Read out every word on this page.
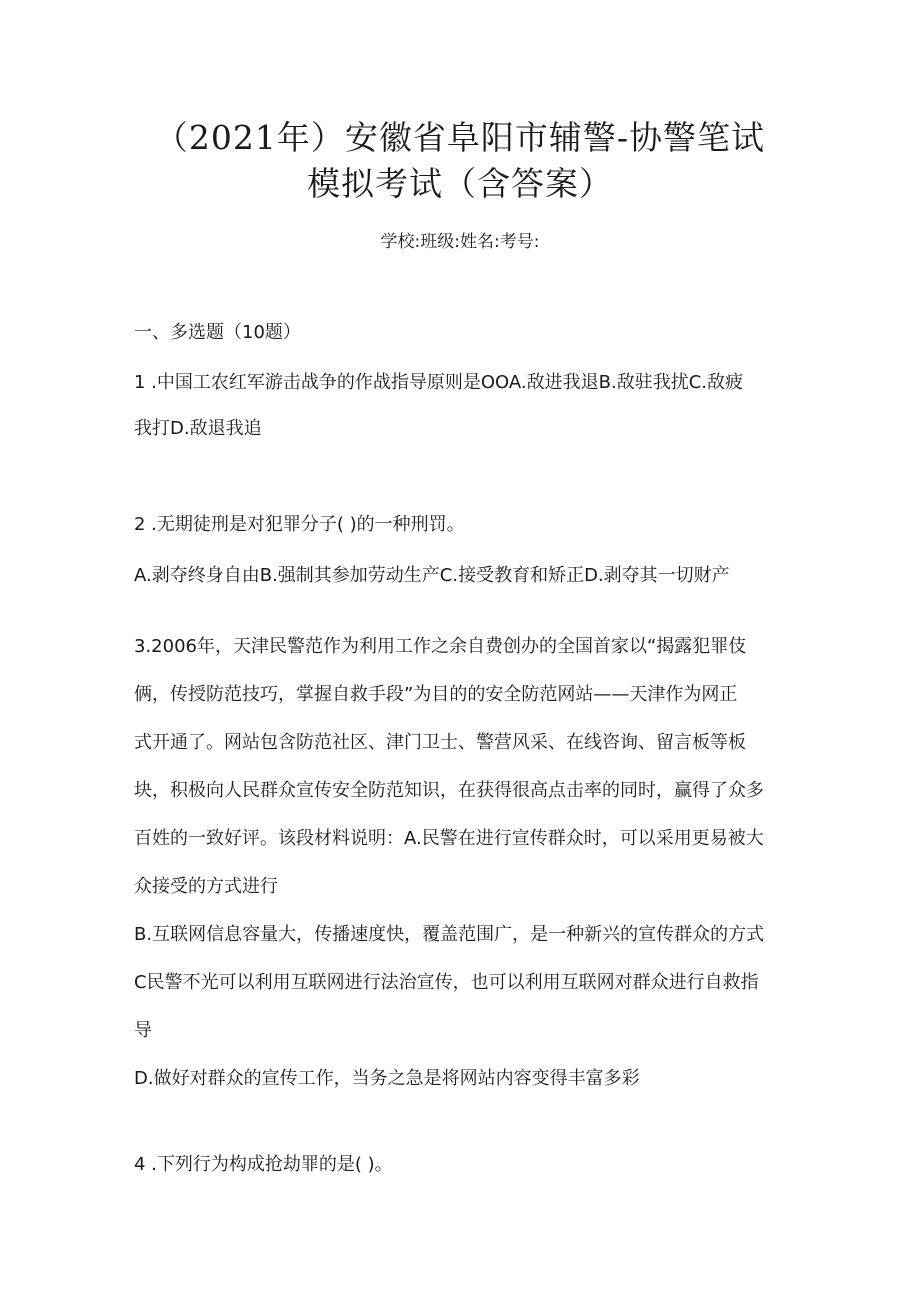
（2021年）安徽省阜阳市辅警-协警笔试
模拟考试（含答案）
学校:班级:姓名:考号:
一、多选题（10题）
1 .中国工农红军游击战争的作战指导原则是OOA.敌进我退B.敌驻我扰C.敌疲
我打D.敌退我追
2 .无期徒刑是对犯罪分子( )的一种刑罚。
A.剥夺终身自由B.强制其参加劳动生产C.接受教育和矫正D.剥夺其一切财产
3.2006年，天津民警范作为利用工作之余自费创办的全国首家以“揭露犯罪伎
俩，传授防范技巧，掌握自救手段”为目的的安全防范网站——天津作为网正
式开通了。网站包含防范社区、津门卫士、警营风采、在线咨询、留言板等板
块，积极向人民群众宣传安全防范知识，在获得很高点击率的同时，赢得了众多
百姓的一致好评。该段材料说明：A.民警在进行宣传群众时，可以采用更易被大
众接受的方式进行
B.互联网信息容量大，传播速度快，覆盖范围广，是一种新兴的宣传群众的方式
C民警不光可以利用互联网进行法治宣传，也可以利用互联网对群众进行自救指
导
D.做好对群众的宣传工作，当务之急是将网站内容变得丰富多彩
4 .下列行为构成抢劫罪的是( )。
